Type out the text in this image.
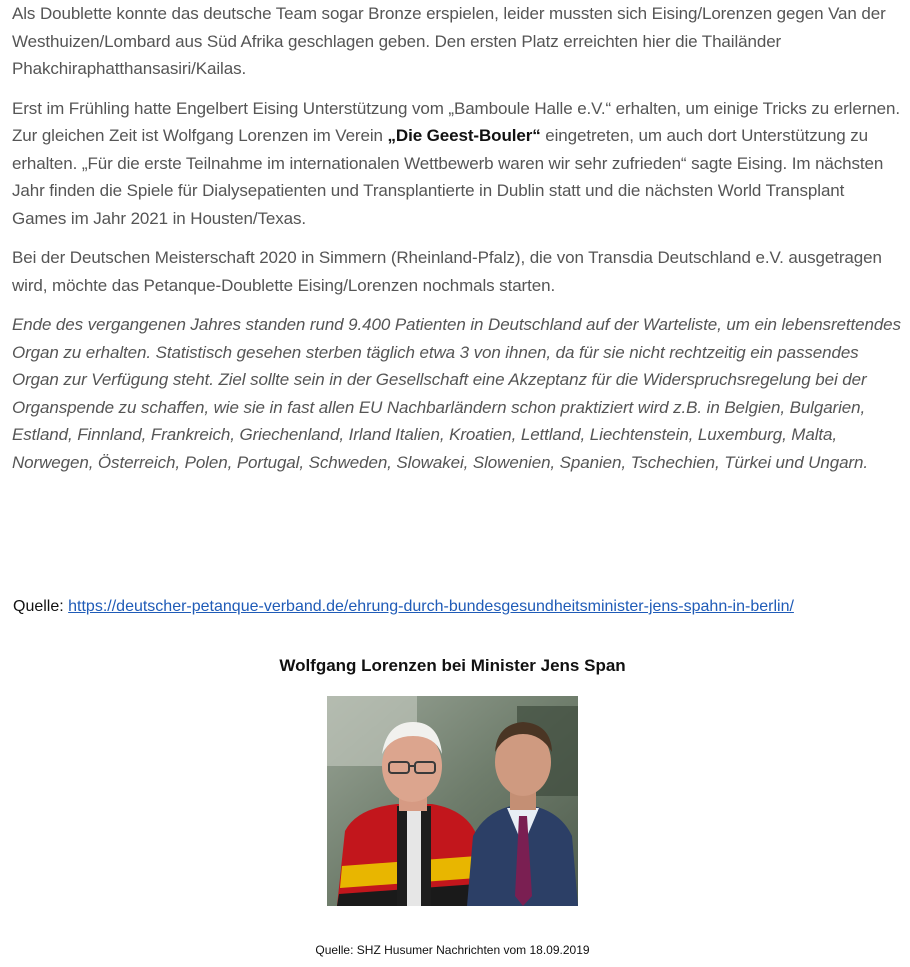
Als Doublette konnte das deutsche Team sogar Bronze erspielen, leider mussten sich Eising/Lorenzen gegen Van der Westhuizen/Lombard aus Süd Afrika geschlagen geben. Den ersten Platz erreichten hier die Thailänder Phakchiraphatthansasiri/Kailas.

Erst im Frühling hatte Engelbert Eising Unterstützung vom „Bamboule Halle e.V.“ erhalten, um einige Tricks zu erlernen. Zur gleichen Zeit ist Wolfgang Lorenzen im Verein „Die Geest-Bouler“ eingetreten, um auch dort Unterstützung zu erhalten. „Für die erste Teilnahme im internationalen Wettbewerb waren wir sehr zufrieden“ sagte Eising. Im nächsten Jahr finden die Spiele für Dialysepatienten und Transplantierte in Dublin statt und die nächsten World Transplant Games im Jahr 2021 in Housten/Texas.

Bei der Deutschen Meisterschaft 2020 in Simmern (Rheinland-Pfalz), die von Transdia Deutschland e.V. ausgetragen wird, möchte das Petanque-Doublette Eising/Lorenzen nochmals starten.

Ende des vergangenen Jahres standen rund 9.400 Patienten in Deutschland auf der Warteliste, um ein lebensrettendes Organ zu erhalten. Statistisch gesehen sterben täglich etwa 3 von ihnen, da für sie nicht rechtzeitig ein passendes Organ zur Verfügung steht. Ziel sollte sein in der Gesellschaft eine Akzeptanz für die Widerspruchsregelung bei der Organspende zu schaffen, wie sie in fast allen EU Nachbarländern schon praktiziert wird z.B. in Belgien, Bulgarien, Estland, Finnland, Frankreich, Griechenland, Irland Italien, Kroatien, Lettland, Liechtenstein, Luxemburg, Malta, Norwegen, Österreich, Polen, Portugal, Schweden, Slowakei, Slowenien, Spanien, Tschechien, Türkei und Ungarn.

Quelle: https://deutscher-petanque-verband.de/ehrung-durch-bundesgesundheitsminister-jens-spahn-in-berlin/
Wolfgang Lorenzen bei Minister Jens Span
Quelle: SHZ Husumer Nachrichten vom 18.09.2019
